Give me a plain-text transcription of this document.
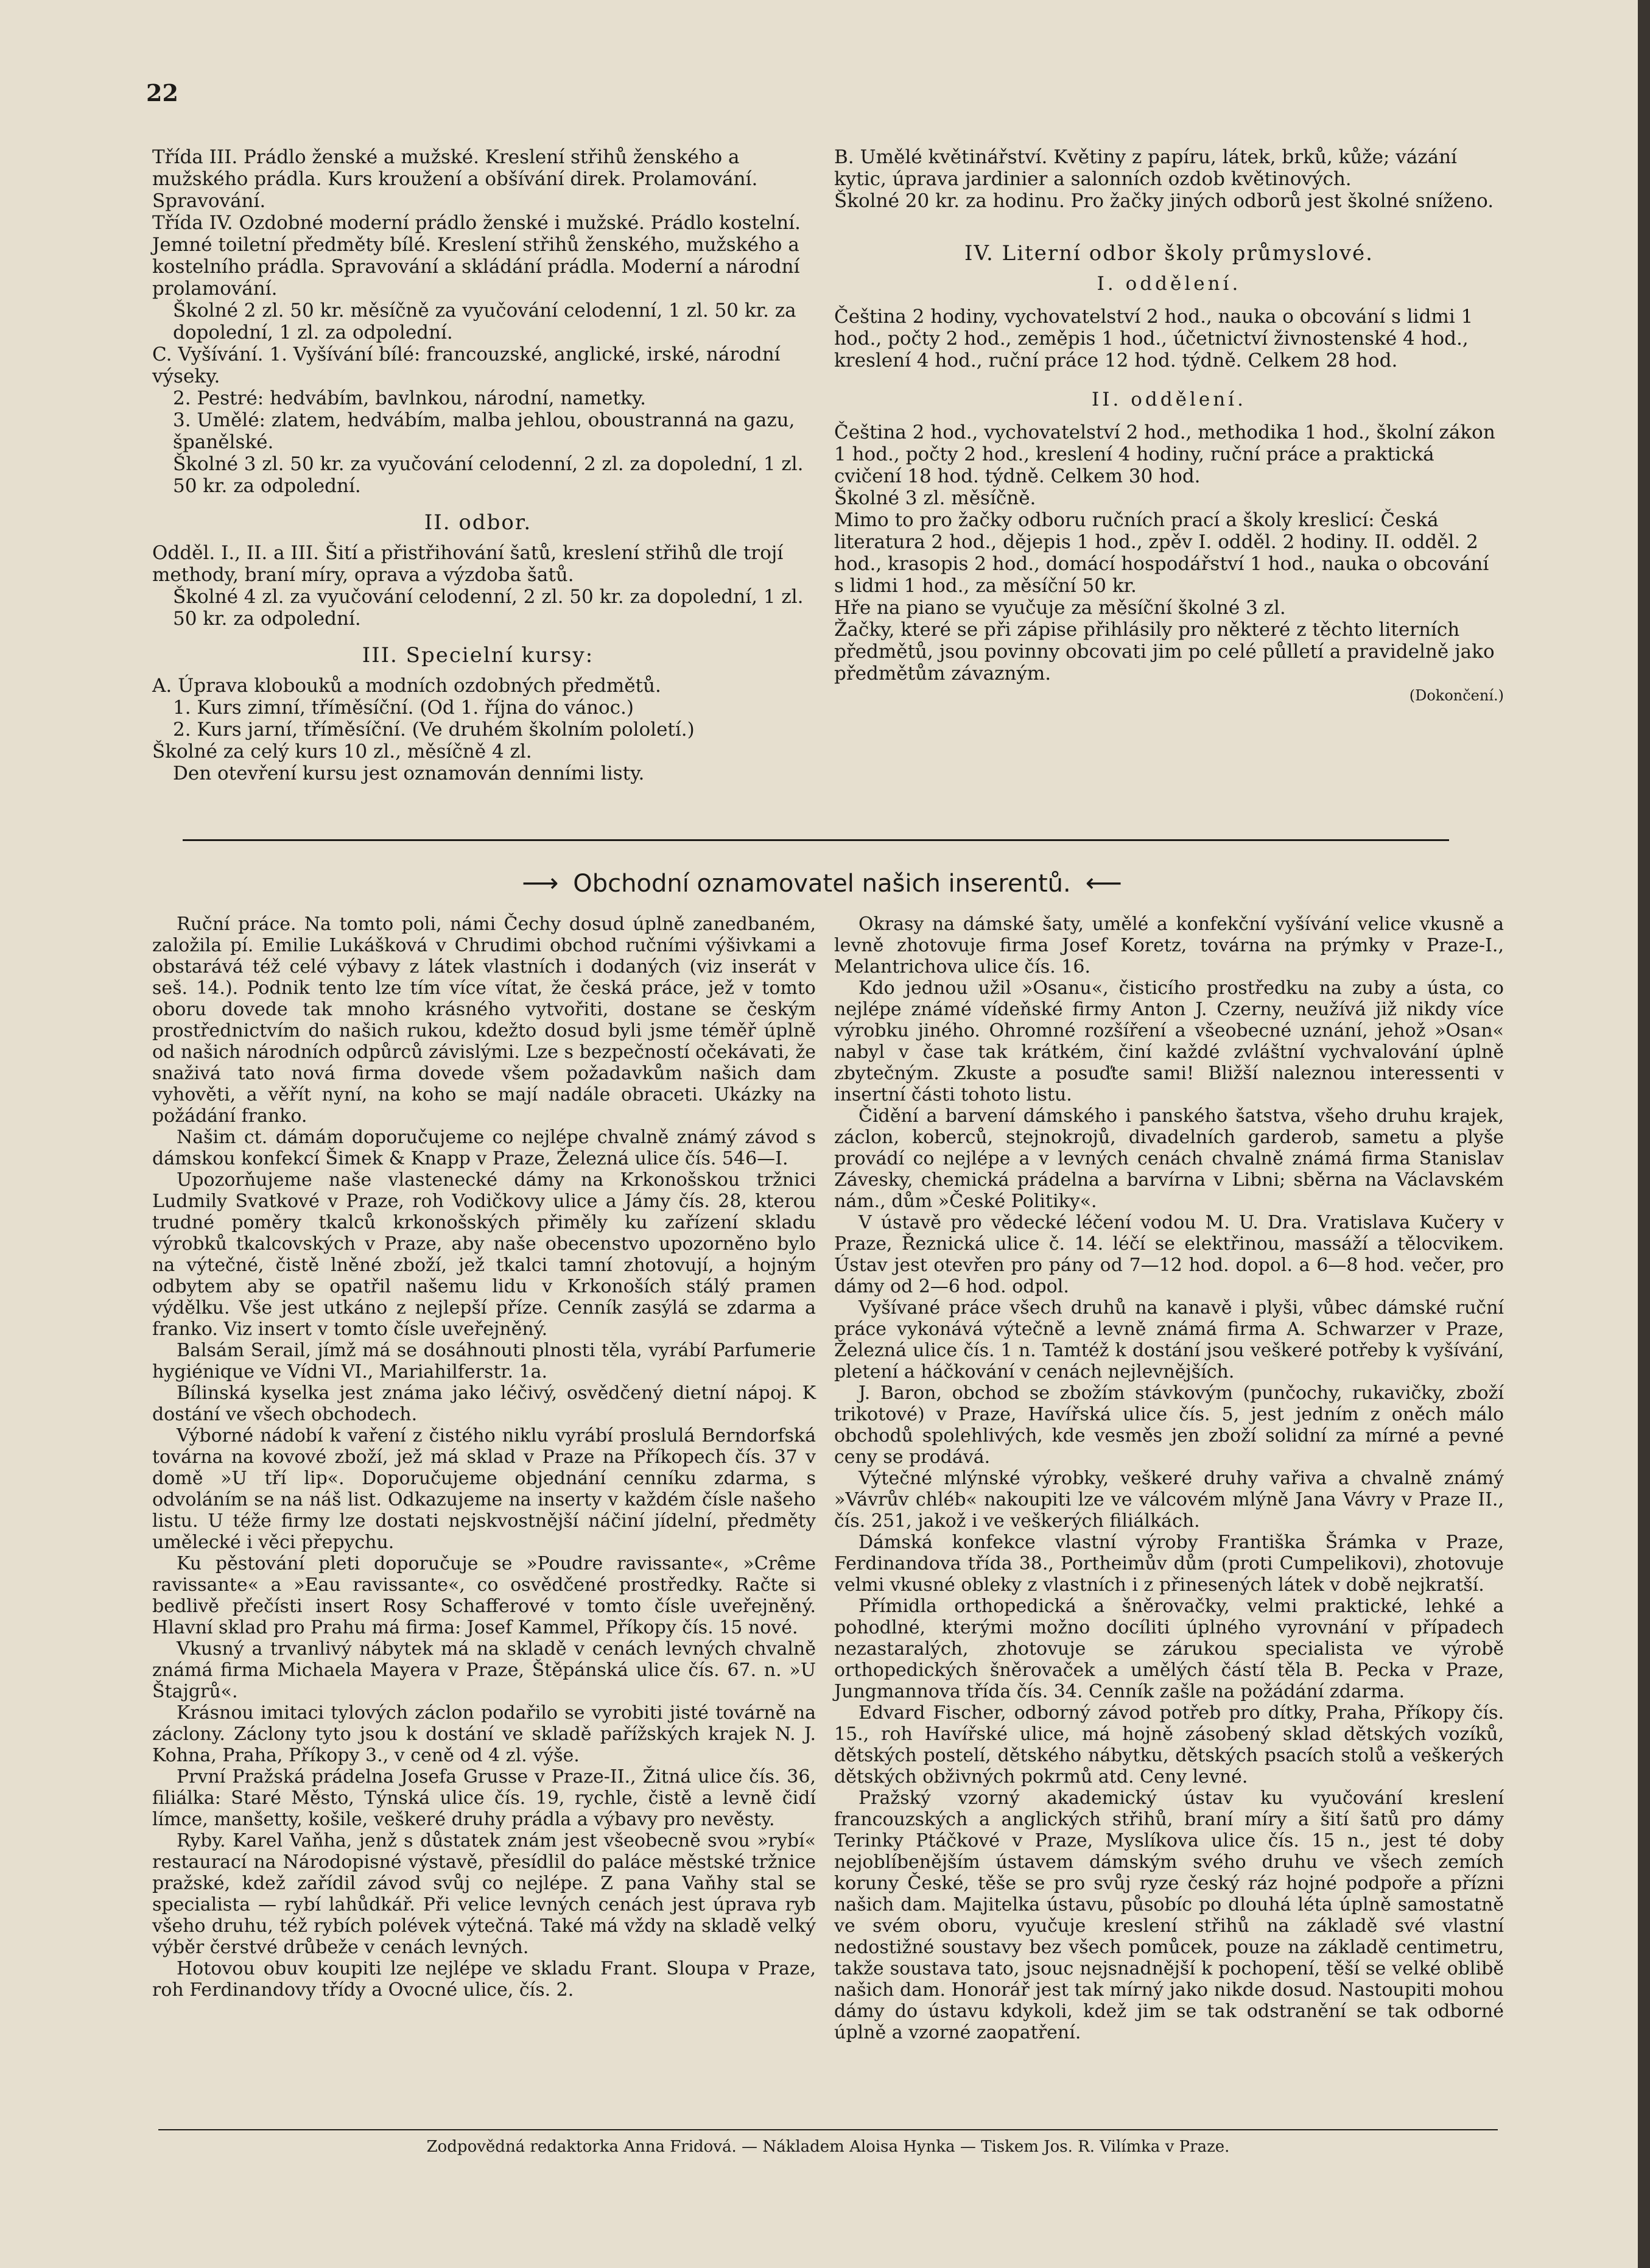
22

Třída III. Prádlo ženské a mužské. Kreslení střihů ženského a mužského prádla. Kurs kroužení a obšívání direk. Prolamování. Spravování.

Třída IV. Ozdobné moderní prádlo ženské i mužské. Prádlo kostelní. Jemné toiletní předměty bílé. Kreslení střihů ženského, mužského a kostelního prádla. Spravování a skládání prádla. Moderní a národní prolamování.

Školné 2 zl. 50 kr. měsíčně za vyučování celodenní, 1 zl. 50 kr. za dopolední, 1 zl. za odpolední.

C. Vyšívání. 1. Vyšívání bílé: francouzské, anglické, irské, národní výseky.

2. Pestré: hedvábím, bavlnkou, národní, nametky.

3. Umělé: zlatem, hedvábím, malba jehlou, oboustranná na gazu, španělské.

Školné 3 zl. 50 kr. za vyučování celodenní, 2 zl. za dopolední, 1 zl. 50 kr. za odpolední.

II. odbor.

Odděl. I., II. a III. Šití a přistřihování šatů, kreslení střihů dle trojí methody, braní míry, oprava a výzdoba šatů.

Školné 4 zl. za vyučování celodenní, 2 zl. 50 kr. za dopolední, 1 zl. 50 kr. za odpolední.

III. Specielní kursy:

A. Úprava klobouků a modních ozdobných předmětů.

1. Kurs zimní, tříměsíční. (Od 1. října do vánoc.)

2. Kurs jarní, tříměsíční. (Ve druhém školním pololetí.)

Školné za celý kurs 10 zl., měsíčně 4 zl.

Den otevření kursu jest oznamován denními listy.

B. Umělé květinářství. Květiny z papíru, látek, brků, kůže; vázání kytic, úprava jardinier a salonních ozdob květinových.

Školné 20 kr. za hodinu. Pro žačky jiných odborů jest školné sníženo.

IV. Literní odbor školy průmyslové.

I. oddělení.

Čeština 2 hodiny, vychovatelství 2 hod., nauka o obcování s lidmi 1 hod., počty 2 hod., zeměpis 1 hod., účetnictví živnostenské 4 hod., kreslení 4 hod., ruční práce 12 hod. týdně. Celkem 28 hod.

II. oddělení.

Čeština 2 hod., vychovatelství 2 hod., methodika 1 hod., školní zákon 1 hod., počty 2 hod., kreslení 4 hodiny, ruční práce a praktická cvičení 18 hod. týdně. Celkem 30 hod.

Školné 3 zl. měsíčně.

Mimo to pro žačky odboru ručních prací a školy kreslicí: Česká literatura 2 hod., dějepis 1 hod., zpěv I. odděl. 2 hodiny. II. odděl. 2 hod., krasopis 2 hod., domácí hospodářství 1 hod., nauka o obcování s lidmi 1 hod., za měsíční 50 kr.

Hře na piano se vyučuje za měsíční školné 3 zl.

Žačky, které se při zápise přihlásily pro některé z těchto literních předmětů, jsou povinny obcovati jim po celé půlletí a pravidelně jako předmětům závazným.

(Dokončení.)

⟶ Obchodní oznamovatel našich inserentů. ⟵

Ruční práce. Na tomto poli, námi Čechy dosud úplně zanedbaném, založila pí. Emilie Lukášková v Chrudimi obchod ručními výšivkami a obstarává též celé výbavy z látek vlastních i dodaných (viz inserát v seš. 14.). Podnik tento lze tím více vítat, že česká práce, jež v tomto oboru dovede tak mnoho krásného vytvořiti, dostane se českým prostřednictvím do našich rukou, kdežto dosud byli jsme téměř úplně od našich národních odpůrců závislými. Lze s bezpečností očekávati, že snaživá tato nová firma dovede všem požadavkům našich dam vyhověti, a věřít nyní, na koho se mají nadále obraceti. Ukázky na požádání franko.

Našim ct. dámám doporučujeme co nejlépe chvalně známý závod s dámskou konfekcí Šimek & Knapp v Praze, Železná ulice čís. 546—I.

Upozorňujeme naše vlastenecké dámy na Krkonošskou tržnici Ludmily Svatkové v Praze, roh Vodičkovy ulice a Jámy čís. 28, kterou trudné poměry tkalců krkonošských přiměly ku zařízení skladu výrobků tkalcovských v Praze, aby naše obecenstvo upozorněno bylo na výtečné, čistě lněné zboží, jež tkalci tamní zhotovují, a hojným odbytem aby se opatřil našemu lidu v Krkonoších stálý pramen výdělku. Vše jest utkáno z nejlepší příze. Cenník zasýlá se zdarma a franko. Viz insert v tomto čísle uveřejněný.

Balsám Serail, jímž má se dosáhnouti plnosti těla, vyrábí Parfumerie hygiénique ve Vídni VI., Mariahilferstr. 1a.

Bílinská kyselka jest známa jako léčivý, osvědčený dietní nápoj. K dostání ve všech obchodech.

Výborné nádobí k vaření z čistého niklu vyrábí proslulá Berndorfská továrna na kovové zboží, jež má sklad v Praze na Příkopech čís. 37 v domě »U tří lip«. Doporučujeme objednání cenníku zdarma, s odvoláním se na náš list. Odkazujeme na inserty v každém čísle našeho listu. U téže firmy lze dostati nejskvostnější náčiní jídelní, předměty umělecké i věci přepychu.

Ku pěstování pleti doporučuje se »Poudre ravissante«, »Crême ravissante« a »Eau ravissante«, co osvědčené prostředky. Račte si bedlivě přečísti insert Rosy Schafferové v tomto čísle uveřejněný. Hlavní sklad pro Prahu má firma: Josef Kammel, Příkopy čís. 15 nové.

Vkusný a trvanlivý nábytek má na skladě v cenách levných chvalně známá firma Michaela Mayera v Praze, Štěpánská ulice čís. 67. n. »U Štajgrů«.

Krásnou imitaci tylových záclon podařilo se vyrobiti jisté továrně na záclony. Záclony tyto jsou k dostání ve skladě pařížských krajek N. J. Kohna, Praha, Příkopy 3., v ceně od 4 zl. výše.

První Pražská prádelna Josefa Grusse v Praze-II., Žitná ulice čís. 36, filiálka: Staré Město, Týnská ulice čís. 19, rychle, čistě a levně čidí límce, manšetty, košile, veškeré druhy prádla a výbavy pro nevěsty.

Ryby. Karel Vaňha, jenž s důstatek znám jest všeobecně svou »rybí« restaurací na Národopisné výstavě, přesídlil do paláce městské tržnice pražské, kdež zařídil závod svůj co nejlépe. Z pana Vaňhy stal se specialista — rybí lahůdkář. Při velice levných cenách jest úprava ryb všeho druhu, též rybích polévek výtečná. Také má vždy na skladě velký výběr čerstvé drůbeže v cenách levných.

Hotovou obuv koupiti lze nejlépe ve skladu Frant. Sloupa v Praze, roh Ferdinandovy třídy a Ovocné ulice, čís. 2.

Okrasy na dámské šaty, umělé a konfekční vyšívání velice vkusně a levně zhotovuje firma Josef Koretz, továrna na prýmky v Praze-I., Melantrichova ulice čís. 16.

Kdo jednou užil »Osanu«, čisticího prostředku na zuby a ústa, co nejlépe známé vídeňské firmy Anton J. Czerny, neužívá již nikdy více výrobku jiného. Ohromné rozšíření a všeobecné uznání, jehož »Osan« nabyl v čase tak krátkém, činí každé zvláštní vychvalování úplně zbytečným. Zkuste a posuďte sami! Bližší naleznou interessenti v insertní části tohoto listu.

Čidění a barvení dámského i panského šatstva, všeho druhu krajek, záclon, koberců, stejnokrojů, divadelních garderob, sametu a plyše provádí co nejlépe a v levných cenách chvalně známá firma Stanislav Závesky, chemická prádelna a barvírna v Libni; sběrna na Václavském nám., dům »České Politiky«.

V ústavě pro vědecké léčení vodou M. U. Dra. Vratislava Kučery v Praze, Řeznická ulice č. 14. léčí se elektřinou, massáží a tělocvikem. Ústav jest otevřen pro pány od 7—12 hod. dopol. a 6—8 hod. večer, pro dámy od 2—6 hod. odpol.

Vyšívané práce všech druhů na kanavě i plyši, vůbec dámské ruční práce vykonává výtečně a levně známá firma A. Schwarzer v Praze, Železná ulice čís. 1 n. Tamtéž k dostání jsou veškeré potřeby k vyšívání, pletení a háčkování v cenách nejlevnějších.

J. Baron, obchod se zbožím stávkovým (punčochy, rukavičky, zboží trikotové) v Praze, Havířská ulice čís. 5, jest jedním z oněch málo obchodů spolehlivých, kde vesměs jen zboží solidní za mírné a pevné ceny se prodává.

Výtečné mlýnské výrobky, veškeré druhy vařiva a chvalně známý »Vávrův chléb« nakoupiti lze ve válcovém mlýně Jana Vávry v Praze II., čís. 251, jakož i ve veškerých filiálkách.

Dámská konfekce vlastní výroby Františka Šrámka v Praze, Ferdinandova třída 38., Portheimův dům (proti Cumpelikovi), zhotovuje velmi vkusné obleky z vlastních i z přinesených látek v době nejkratší.

Přímidla orthopedická a šněrovačky, velmi praktické, lehké a pohodlné, kterými možno docíliti úplného vyrovnání v případech nezastaralých, zhotovuje se zárukou specialista ve výrobě orthopedických šněrovaček a umělých částí těla B. Pecka v Praze, Jungmannova třída čís. 34. Cenník zašle na požádání zdarma.

Edvard Fischer, odborný závod potřeb pro dítky, Praha, Příkopy čís. 15., roh Havířské ulice, má hojně zásobený sklad dětských vozíků, dětských postelí, dětského nábytku, dětských psacích stolů a veškerých dětských obživných pokrmů atd. Ceny levné.

Pražský vzorný akademický ústav ku vyučování kreslení francouzských a anglických střihů, braní míry a šití šatů pro dámy Terinky Ptáčkové v Praze, Myslíkova ulice čís. 15 n., jest té doby nejoblíbenějším ústavem dámským svého druhu ve všech zemích koruny České, těše se pro svůj ryze český ráz hojné podpoře a přízni našich dam. Majitelka ústavu, působíc po dlouhá léta úplně samostatně ve svém oboru, vyučuje kreslení střihů na základě své vlastní nedostižné soustavy bez všech pomůcek, pouze na základě centimetru, takže soustava tato, jsouc nejsnadnější k pochopení, těší se velké oblibě našich dam. Honorář jest tak mírný jako nikde dosud. Nastoupiti mohou dámy do ústavu kdykoli, kdež jim se tak odstranění se tak odborné úplně a vzorné zaopatření.

Zodpovědná redaktorka Anna Fridová. — Nákladem Aloisa Hynka — Tiskem Jos. R. Vilímka v Praze.
